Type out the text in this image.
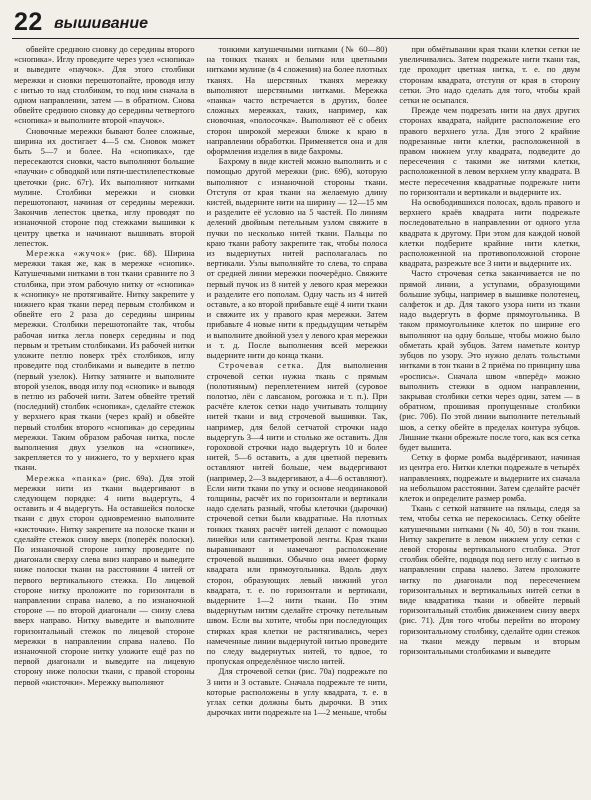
22 вышивание

обвейте среднюю сновку до середины второго «снопика». Иглу проведите через узел «снопика» и выведите «паучок». Для этого столбики мережки и сновки перешотопайте, проводя иглу с нитью то над столбиком, то под ним сначала в одном направлении, затем — в обратном. Снова обвейте среднюю сновку до середины четвертого «снопика» и выполните второй «паучок».

Сновочные мережки бывают более сложные, ширина их достигает 4—5 см. Сновок может быть 5—7 и более. На «снопиках», где пересекаются сновки, часто выполняют большие «паучки» с обводкой или пяти-шестилепестковые цветочки (рис. 67г). Их выполняют нитками мулине. Столбики мережки и сновки перешотопают, начиная от середины мережки. Закончив лепесток цветка, иглу проводят по изнаночной стороне под стежками вышивки к центру цветка и начинают вышивать второй лепесток.

Мережка «жучок» (рис. 68). Ширина мережки такая же, как в мережке «снопик». Катушечными нитками в тон ткани сравните по 3 столбика, при этом рабочую нитку от «снопика» к «снопику» не протягивайте. Нитку закрепите у нижнего края ткани перед первым столбиком и обвейте его 2 раза до середины ширины мережки. Столбики перешотопайте так, чтобы рабочая нитка легла поверх середины и под первым и третьим столбиками. Из рабочей нитки уложите петлю поверх трёх столбиков, иглу проведите под столбиками и выведите в петлю (первый узелок). Нитку затяните и выполните второй узелок, вводя иглу под «снопик» и выводя в петлю из рабочей нити. Затем обвейте третий (последний) столбик «снопика», сделайте стежок у верхнего края ткани (через край) и обвейте первый столбик второго «снопика» до середины мережки. Таким образом рабочая нитка, после выполнения двух узелков на «снопике», закрепляется то у нижнего, то у верхнего края ткани.

Мережка «панка» (рис. 69а). Для этой мережки нити из ткани выдергивают в следующем порядке: 4 нити выдергуть, 4 оставить и 4 выдергуть. На оставшейся полоске ткани с двух сторон одновременно выполните «кисточки». Нитку закрепите на полоске ткани и сделайте стежок снизу вверх (поперёк полоски). По изнаночной стороне нитку проведите по диагонали сверху слева вниз направо и выведите ниже полоски ткани на расстоянии 4 нитей от первого вертикального стежка. По лицевой стороне нитку проложите по горизонтали в направлении справа налево, а по изнаночной стороне — по второй диагонали — снизу слева вверх направо. Нитку выведите и выполните горизонтальный стежок по лицевой стороне мережки в направлении справа налево. По изнаночной стороне нитку уложите ещё раз по первой диагонали и выведите на лицевую сторону ниже полоски ткани, с правой стороны первой «кисточки». Мережку выполняют

тонкими катушечными нитками (№ 60—80) на тонких тканях и белыми или цветными нитками мулине (в 4 сложения) на более плотных тканях. На шерстяных тканях мережку выполняют шерстяными нитками. Мережка «панка» часто встречается в других, более сложных мережках, таких, например, как сновочная, «полосочка». Выполняют её с обеих сторон широкой мережки ближе к краю в направлении обработки. Применяется она и для оформления изделия в виде бахромы.

Бахрому в виде кистей можно выполнить и с помощью другой мережки (рис. 69б), которую выполняют с изнаночной стороны ткани. Отступя от края ткани на желаемую длину кистей, выдерните нити на ширину — 12—15 мм и разделите её условно на 5 частей. По линиям делений двойным петельным узлом свяжите в пучки по несколько нитей ткани. Пальцы по краю ткани работу закрепите так, чтобы полоса из выдернутых нитей располагалась по вертикали. Узлы выполняйте то слева, то справа от средней линии мережки поочерёдно. Свяжите первый пучок из 8 нитей у левого края мережки и разделите его пополам. Одну часть из 4 нитей оставьте, а ко второй прибавьте ещё 4 нити ткани и свяжите их у правого края мережки. Затем прибавьте 4 новые нити к предыдущим четырём и выполните двойной узел у левого края мережки и т. д. После выполнения всей мережки выдерните нити до конца ткани.

Строчевая сетка. Для выполнения строчевой сетки нужна ткань с прямым (полотняным) переплетением нитей (суровое полотно, лён с лавсаном, рогожка и т. п.). При расчёте клеток сетки надо учитывать толщину нитей ткани и вид строчевой вышивки. Так, например, для белой сетчатой строчки надо выдергуть 3—4 нити и столько же оставить. Для гороховой строчки надо выдергуть 10 и более нитей, 5—6 оставить, а для цветной перевить оставляют нитей больше, чем выдергивают (например, 2—3 выдергивают, а 4—6 оставляют). Если нити ткани по утку и основе неодинаковой толщины, расчёт их по горизонтали и вертикали надо сделать разный, чтобы клеточки (дырочки) строчевой сетки были квадратные. На плотных тонких тканях расчёт нитей делают с помощью линейки или сантиметровой ленты. Края ткани выравнивают и намечают расположение строчевой вышивки. Обычно она имеет форму квадрата или прямоугольника. Вдоль двух сторон, образующих левый нижний угол квадрата, т. е. по горизонтали и вертикали, выдерните 1—2 нити ткани. По этим выдернутым нитям сделайте строчку петельным швом. Если вы хотите, чтобы при последующих стирках края клетки не растягивались, через намеченные линии выдернутой нитью проведите по следу выдернутых нитей, то вдвое, то пропуская определённое число нитей.

Для строчевой сетки (рис. 70а) подрежьте по 3 нити и 3 оставьте. Сначала подрежьте те нити, которые расположены в углу квадрата, т. е. в углах сетки должны быть дырочки. В этих дырочках нити подрежьте на 1—2 меньше, чтобы

при обмётывании края ткани клетки сетки не увеличивались. Затем подрежьте нити ткани так, где проходит цветная нитка, т. е. по двум сторонам квадрата, отступя от края в сторону сетки. Это надо сделать для того, чтобы край сетки не осыпался.

Прежде чем подрезать нити на двух других сторонах квадрата, найдите расположение его правого верхнего угла. Для этого 2 крайние подрезанные нити клетки, расположенной в правом нижнем углу квадрата, подведите до пересечения с такими же нитями клетки, расположенной в левом верхнем углу квадрата. В месте пересечения квадратные подрежьте нити по горизонтали и вертикали и выдерните их.

На освободившихся полосах, вдоль правого и верхнего краёв квадрата нити подрежьте последовательно в направлении от одного угла квадрата к другому. При этом для каждой новой клетки подберите крайние нити клетки, расположенной на противоположной стороне квадрата, разрежьте все 3 нити и выдерните их.

Часто строчевая сетка заканчивается не по прямой линии, а уступами, образующими большие зубцы, например в вышивке полотенец, салфеток и др. Для такого узора нити из ткани надо выдергуть в форме прямоугольника. В таком прямоугольнике клеток по ширине его выполняют на одну больше, чтобы можно было обметать край зубцов. Затем наметьте контур зубцов по узору. Это нужно делать тольстыми нитками в тон ткани в 2 приёма по принципу шва «роспись». Сначала швом «вперёд» можно выполнить стежки в одном направлении, закрывая столбики сетки через один, затем — в обратном, прошивая пропущенные столбики (рис. 70б). По этой линии выполните петельный шов, а сетку обейте в пределах контура зубцов. Лишние ткани обрежьте после того, как вся сетка будет вышита.

Сетку в форме ромба выдёргивают, начиная из центра его. Нитки клетки подрежьте в четырёх направлениях, подрежьте и выдерните их сначала на небольшом расстоянии. Затем сделайте расчёт клеток и определите размер ромба.

Ткань с сеткой натяните на пяльцы, следя за тем, чтобы сетка не перекосилась. Сетку обейте катушечными нитками (№ 40, 50) в тон ткани. Нитку закрепите в левом нижнем углу сетки с левой стороны вертикального столбика. Этот столбик обейте, подводя под него иглу с нитью в направлении справа налево. Затем проложите нитку по диагонали под пересечением горизонтальных и вертикальных нитей сетки в виде квадратика ткани и обвейте первый горизонтальный столбик движением снизу вверх (рис. 71). Для того чтобы перейти во второму горизонтальному столбику, сделайте один стежок на ткани между первым и вторым горизонтальными столбиками и выведите
